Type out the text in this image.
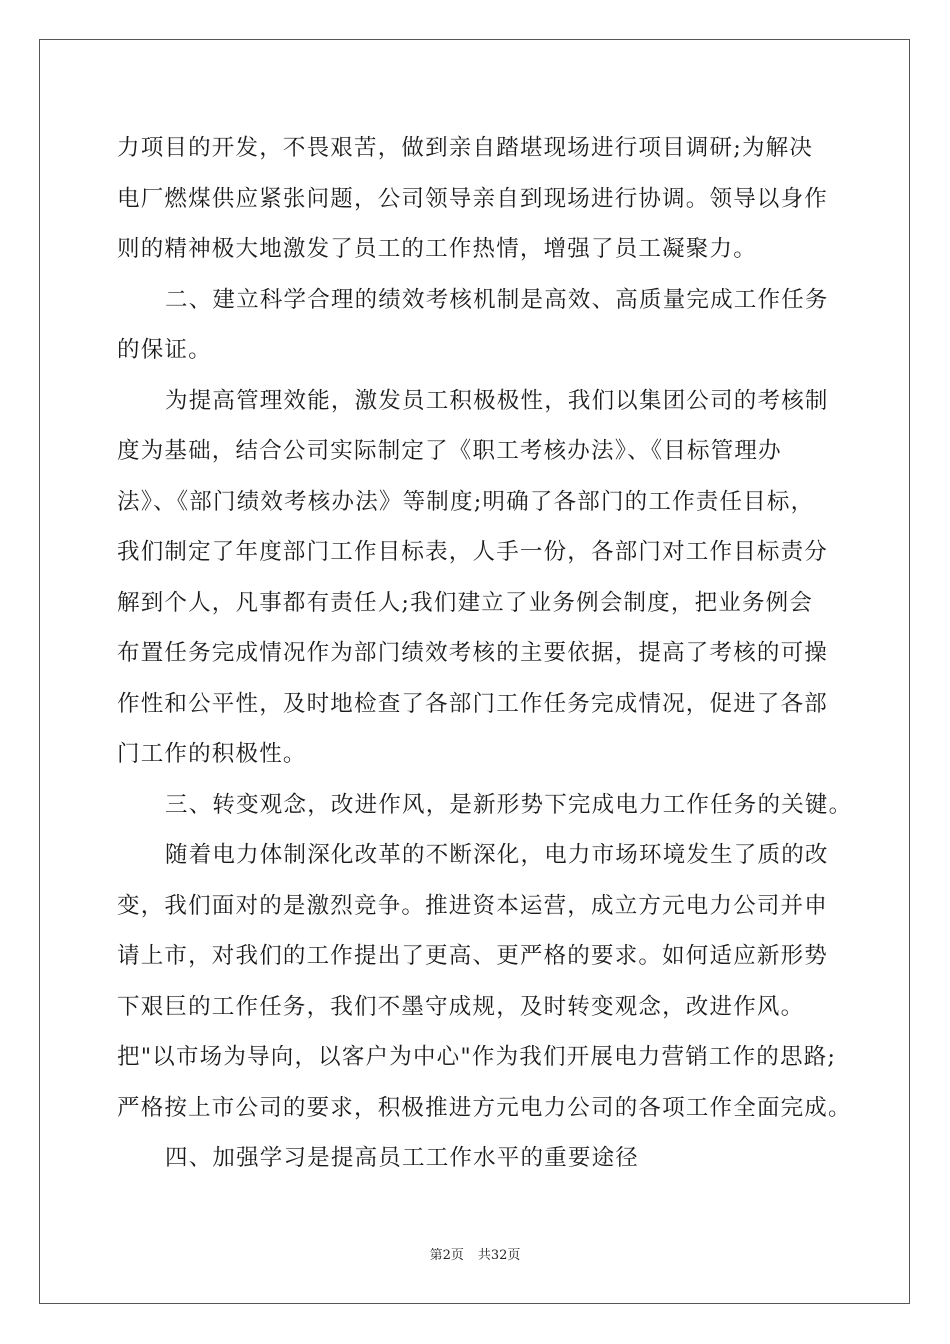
力项目的开发，不畏艰苦，做到亲自踏堪现场进行项目调研;为解决
电厂燃煤供应紧张问题，公司领导亲自到现场进行协调。领导以身作
则的精神极大地激发了员工的工作热情，增强了员工凝聚力。
二、建立科学合理的绩效考核机制是高效、高质量完成工作任务
的保证。
为提高管理效能，激发员工积极极性，我们以集团公司的考核制
度为基础，结合公司实际制定了《职工考核办法》、《目标管理办
法》、《部门绩效考核办法》等制度;明确了各部门的工作责任目标，
我们制定了年度部门工作目标表，人手一份，各部门对工作目标责分
解到个人，凡事都有责任人;我们建立了业务例会制度，把业务例会
布置任务完成情况作为部门绩效考核的主要依据，提高了考核的可操
作性和公平性，及时地检查了各部门工作任务完成情况，促进了各部
门工作的积极性。
三、转变观念，改进作风，是新形势下完成电力工作任务的关键。
随着电力体制深化改革的不断深化，电力市场环境发生了质的改
变，我们面对的是激烈竞争。推进资本运营，成立方元电力公司并申
请上市，对我们的工作提出了更高、更严格的要求。如何适应新形势
下艰巨的工作任务，我们不墨守成规，及时转变观念，改进作风。
把"以市场为导向，以客户为中心"作为我们开展电力营销工作的思路;
严格按上市公司的要求，积极推进方元电力公司的各项工作全面完成。
四、加强学习是提高员工工作水平的重要途径
第2页 共32页
